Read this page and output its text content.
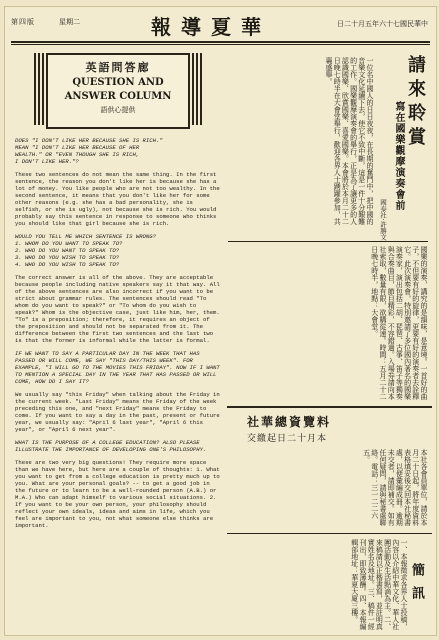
第四版	星期二	報導夏華	日二十月五年六十七國民華中
英語問答廊
QUESTION AND
ANSWER COLUMN
語供心提供

DOES "I DON'T LIKE HER BECAUSE SHE IS RICH."
MEAN "I DON'T LIKE HER BECAUSE OF HER
WEALTH." OR "EVEN THOUGH SHE IS RICH,
I DON'T LIKE HER."?

These two sentences do not mean the same thing. In the first sentence, the reason you don't like her is because she has a lot of money. You like people who are not too wealthy. In the second sentence, it means that you don't like her for some other reasons (e.g. she has a bad personality, she is selfish, or she is ugly), not because she is rich. You would probably say this sentence in response to someone who thinks you should like that girl because she is rich.

WOULD YOU TELL ME WHICH SENTENCE IS WRONG?
1. WHOM DO YOU WANT TO SPEAK TO?
2. WHO DO YOU WANT TO SPEAK TO?
3. WHO DO YOU WISH TO SPEAK TO?
4. WHO DO YOU WISH TO SPEAK TO?

The correct answer is all of the above. They are acceptable because people including native speakers say it that way. All of the above sentences are also incorrect if you want to be strict about grammar rules. The sentences should read "To whom do you want to speak?" or "To whom do you wish to speak?" Whom is the objective case, just like him, her, them. "To" is a preposition; therefore, it requires an object of the preposition and should not be separated from it. The difference between the first two sentences and the last two is that the former is informal while the latter is formal.

IF WE WANT TO SAY A PARTICULAR DAY IN THE WEEK THAT HAS PASSED OR WILL COME, WE SAY "THIS DAY/THIS WEEK". FOR EXAMPLE, "I WILL GO TO THE MOVIES THIS FRIDAY". NOW IF I WANT TO MENTION A SPECIAL DAY IN THE YEAR THAT HAS PASSED OR WILL COME, HOW DO I SAY IT?

We usually say "this Friday" when talking about the Friday in the current week. "Last Friday" means the Friday of the week preceding this one, and "next Friday" means the Friday to come. If you want to say a day in the past, present or future year, we usually say: "April 6 last year", "April 6 this year", or "April 6 next year".

WHAT IS THE PURPOSE OF A COLLEGE EDUCATION? ALSO PLEASE ILLUSTRATE THE IMPORTANCE OF DEVELOPING ONE'S PHILOSOPHY.

These are two very big questions! They require more space than we have here, but here are a couple of thoughts: 1. What you want to get from a college education is pretty much up to you. What are your personal goals? -- to get a good job in the future or to learn to be a well-rounded person (A.B.) or M.A.) Who can adapt himself to various social situations. 2. If you want to be your own person, your philosophy should reflect your own ideals, ideas and aims in life, which you feel are important to you, not what someone else thinks are important.

請來聆賞
寫在國樂觀摩演奏會前
國泰社·許勝文
一位名中國人的日日夜夜，在長期的奮鬥中，把中國的音樂文化延續下去，使它不致中斷，這是一件十分艱難的工作。國樂觀摩演奏會的舉行，正是為了讓更多的人認識國樂、欣賞國樂、喜愛國樂。本會將於本月二十二日晚七時半在大會堂舉行，歡迎各界人士踴躍參加，共襄盛舉。
國樂的演奏，講究的是韻味，是意境。一首好的曲子，不但要有好的旋律，更要有好的演奏者去詮釋它。此次演奏會，特別邀請了多位國內著名的國樂演奏家，演出包括二胡、琵琶、古箏、笛子等獨奏與合奏曲目，節目精彩，不容錯過。入場券請向本社索取，數量有限，欲購從速。時間：五月二十二日晚七時半，地點：大會堂。
社華總資覽料
交繳起日二十月本
本社各會員單位，請於本月二十日起，將年度資料表格填妥後交回本社秘書處，以便彙編成冊。逾期未交者，請即補交。如有任何疑問，請與秘書處聯絡。電話：三一二二六五。
簡訊
一、本報徵求各界人士投稿，內容以介紹中華文化、華人社團活動及生活點滴為主。二、來稿請以正楷書寫，並註明真實姓名及地址。三、稿件一經刊出，即致薄酬。四、本報編輯部地址：華夏大廈三樓。
